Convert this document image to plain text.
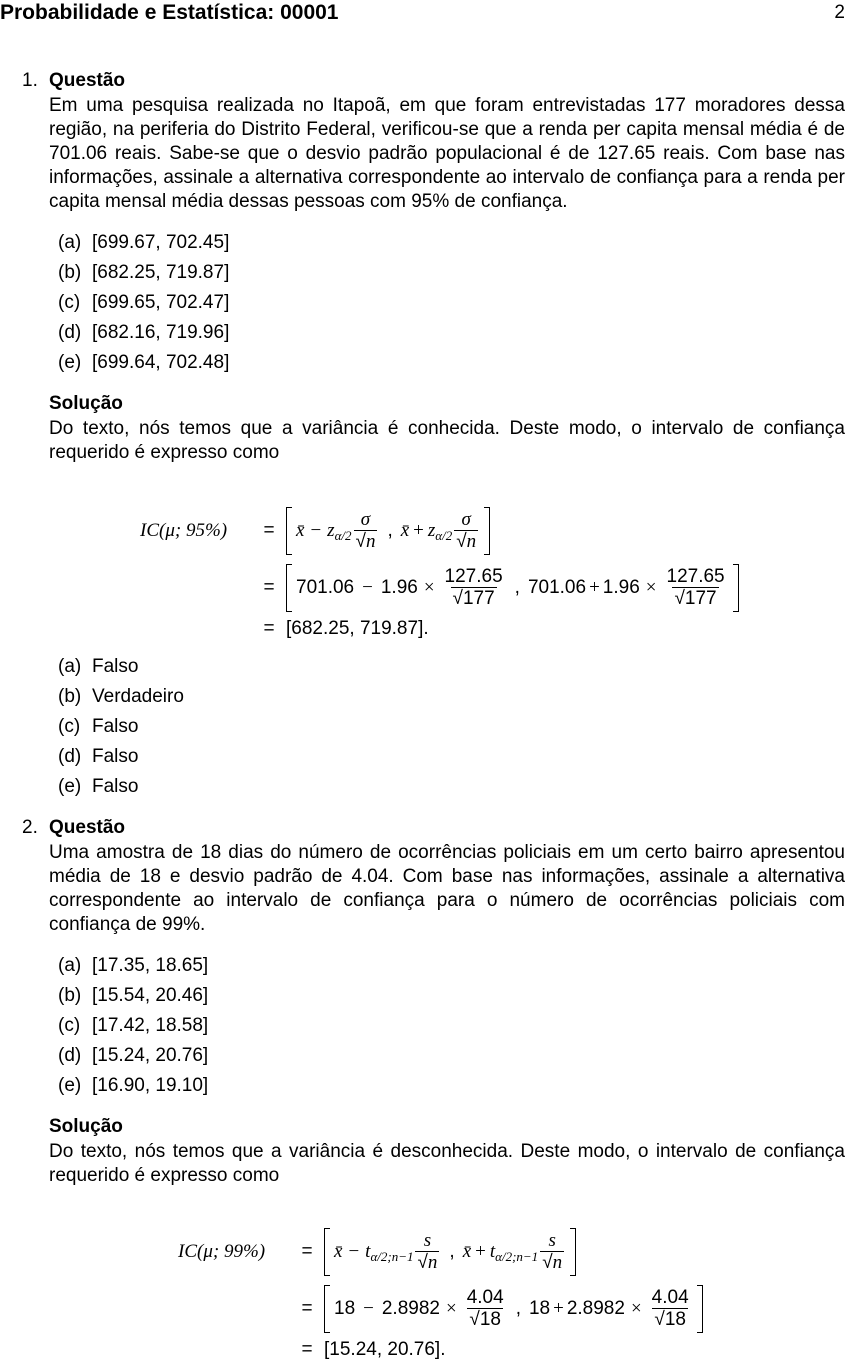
Probabilidade e Estatística: 00001	2
1. Questão
Em uma pesquisa realizada no Itapoã, em que foram entrevistadas 177 moradores dessa região, na periferia do Distrito Federal, verificou-se que a renda per capita mensal média é de 701.06 reais. Sabe-se que o desvio padrão populacional é de 127.65 reais. Com base nas informações, assinale a alternativa correspondente ao intervalo de confiança para a renda per capita mensal média dessas pessoas com 95% de confiança.
(a) [699.67, 702.45]
(b) [682.25, 719.87]
(c) [699.65, 702.47]
(d) [682.16, 719.96]
(e) [699.64, 702.48]
Solução
Do texto, nós temos que a variância é conhecida. Deste modo, o intervalo de confiança requerido é expresso como
IC(μ; 95%)	=	x̄ − z $\alpha/2 \frac{\sigma}{√n}$ , x̄ + z $\alpha/2 \frac{\sigma}{√n}$
=	$701.06 - 1.96 \times \frac{127.65}{√177}$ , $701.06 + 1.96 \times \frac{127.65}{√177}$
= [682.25, 719.87].
(a) Falso
(b) Verdadeiro
(c) Falso
(d) Falso
(e) Falso
2. Questão
Uma amostra de 18 dias do número de ocorrências policiais em um certo bairro apresentou média de 18 e desvio padrão de 4.04. Com base nas informações, assinale a alternativa correspondente ao intervalo de confiança para o número de ocorrências policiais com confiança de 99%.
(a) [17.35, 18.65]
(b) [15.54, 20.46]
(c) [17.42, 18.58]
(d) [15.24, 20.76]
(e) [16.90, 19.10]
Solução
Do texto, nós temos que a variância é desconhecida. Deste modo, o intervalo de confiança requerido é expresso como
IC(μ; 99%)	=	x̄ − t α/2;n−1 $\frac{s}{√n}$ , x̄ + t α/2;n−1 $\frac{s}{√n}$
=	$18 - 2.8982 \times \frac{4.04}{√18}$ , $18 + 2.8982 \times \frac{4.04}{√18}$
= [15.24, 20.76].
